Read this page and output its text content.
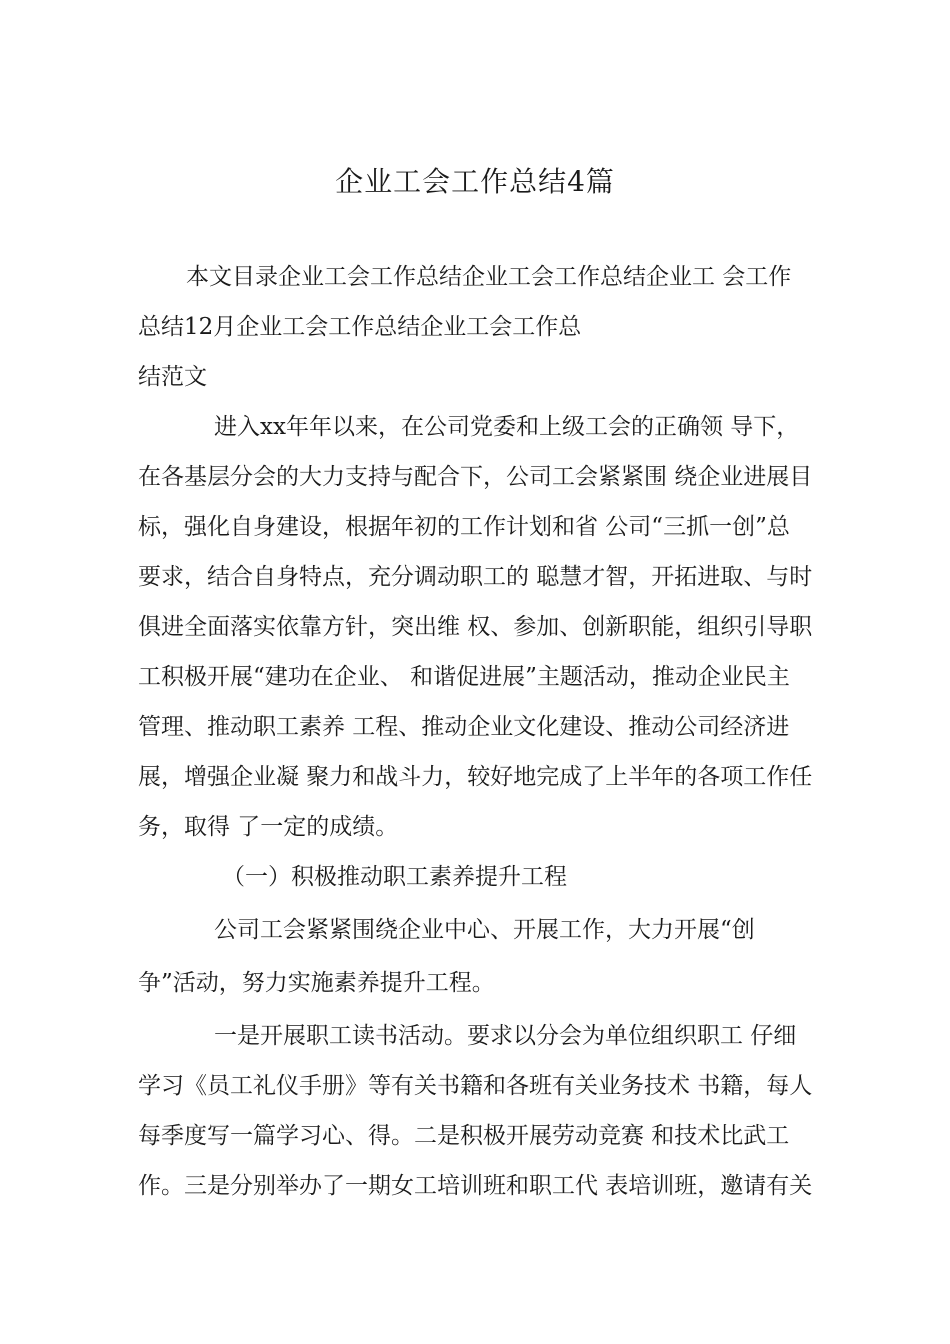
企业工会工作总结4篇

本文目录企业工会工作总结企业工会工作总结企业工 会工作

总结12月企业工会工作总结企业工会工作总

结范文

进入xx年年以来，在公司党委和上级工会的正确领 导下，

在各基层分会的大力支持与配合下，公司工会紧紧围 绕企业进展目

标，强化自身建设，根据年初的工作计划和省 公司“三抓一创”总

要求，结合自身特点，充分调动职工的 聪慧才智，开拓进取、与时

俱进全面落实依靠方针，突出维 权、参加、创新职能，组织引导职

工积极开展“建功在企业、 和谐促进展”主题活动，推动企业民主

管理、推动职工素养 工程、推动企业文化建设、推动公司经济进

展，增强企业凝 聚力和战斗力，较好地完成了上半年的各项工作任

务，取得 了一定的成绩。

（一）积极推动职工素养提升工程

公司工会紧紧围绕企业中心、开展工作，大力开展“创

争”活动，努力实施素养提升工程。

一是开展职工读书活动。要求以分会为单位组织职工 仔细

学习《员工礼仪手册》等有关书籍和各班有关业务技术 书籍，每人

每季度写一篇学习心、得。二是积极开展劳动竞赛 和技术比武工

作。三是分别举办了一期女工培训班和职工代 表培训班，邀请有关
